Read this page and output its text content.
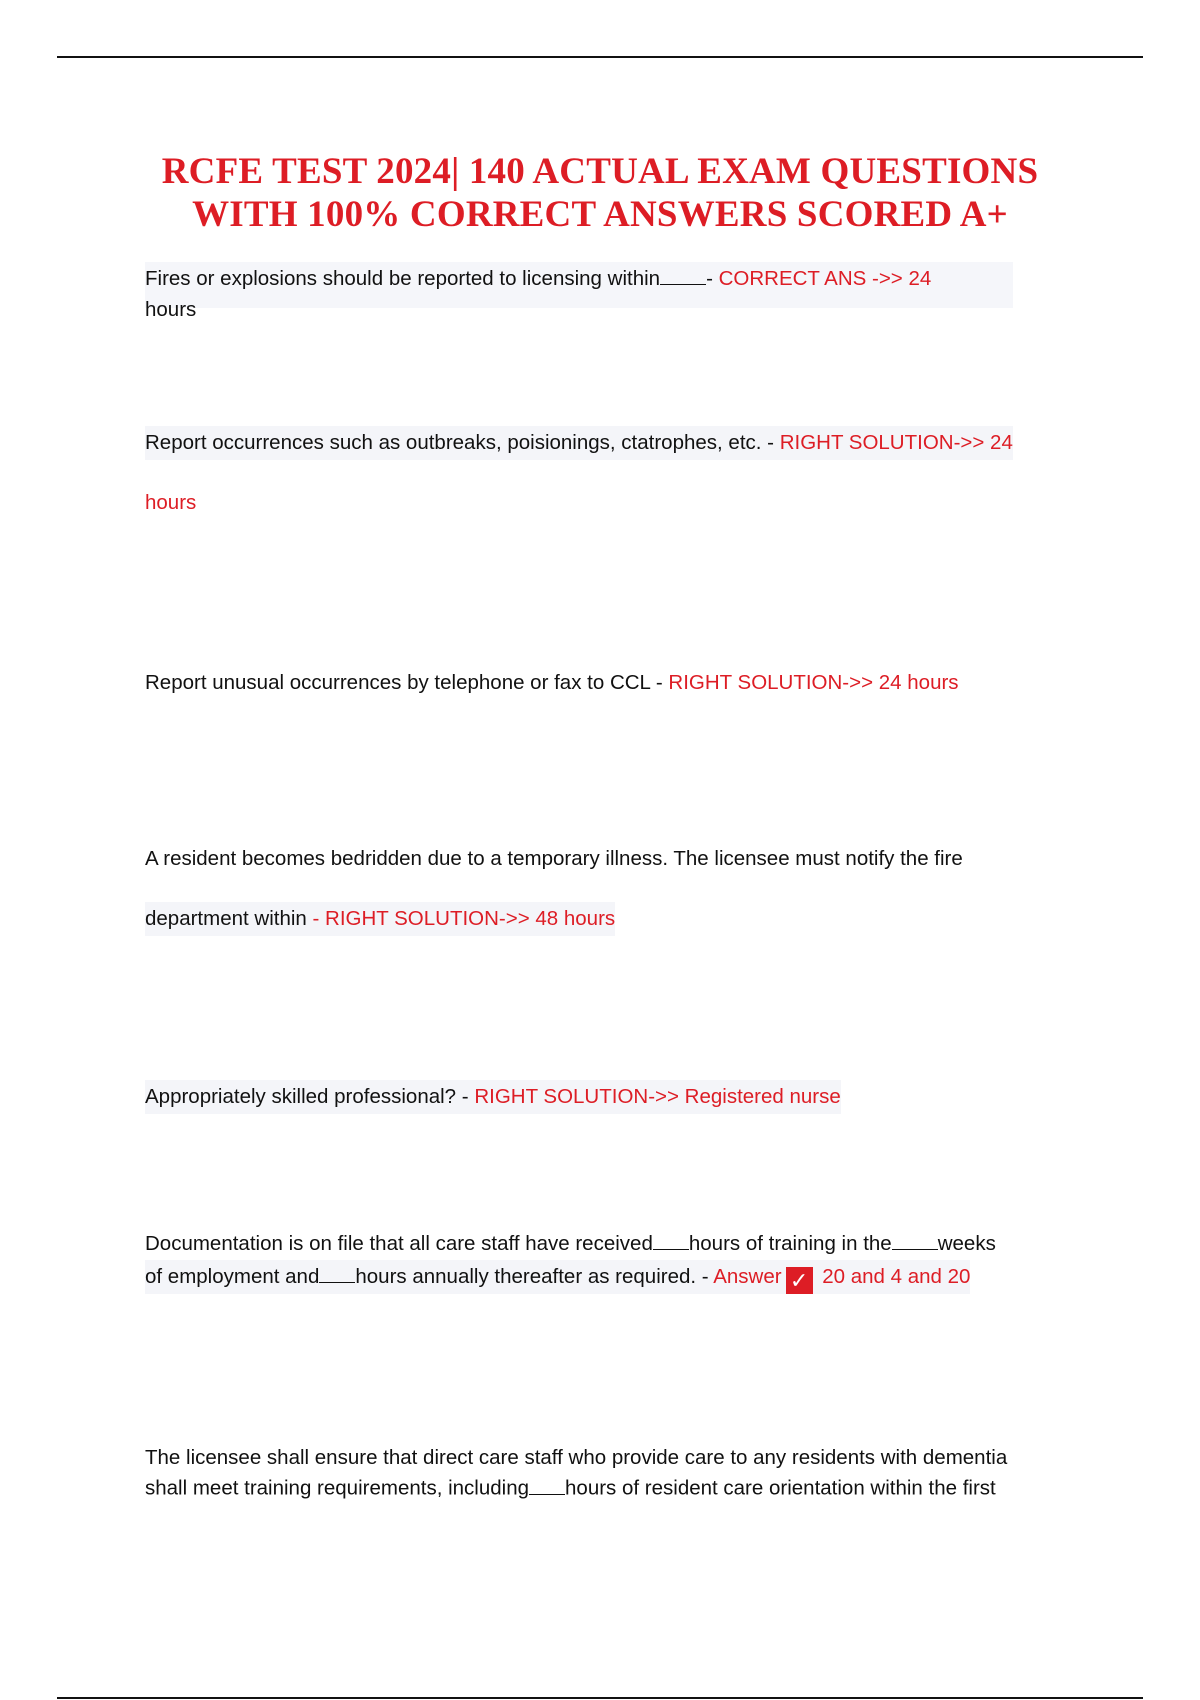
RCFE TEST 2024| 140 ACTUAL EXAM QUESTIONS
WITH 100% CORRECT ANSWERS SCORED A+
Fires or explosions should be reported to licensing within - CORRECT ANS ->> 24
hours
Report occurrences such as outbreaks, poisionings, ctatrophes, etc. - RIGHT SOLUTION->> 24
hours
Report unusual occurrences by telephone or fax to CCL - RIGHT SOLUTION->> 24 hours
A resident becomes bedridden due to a temporary illness. The licensee must notify the fire
department within - RIGHT SOLUTION->> 48 hours
Appropriately skilled professional? - RIGHT SOLUTION->> Registered nurse
Documentation is on file that all care staff have received hours of training in the weeks
of employment and hours annually thereafter as required. - Answer ✓ 20 and 4 and 20
The licensee shall ensure that direct care staff who provide care to any residents with dementia
shall meet training requirements, including hours of resident care orientation within the first
